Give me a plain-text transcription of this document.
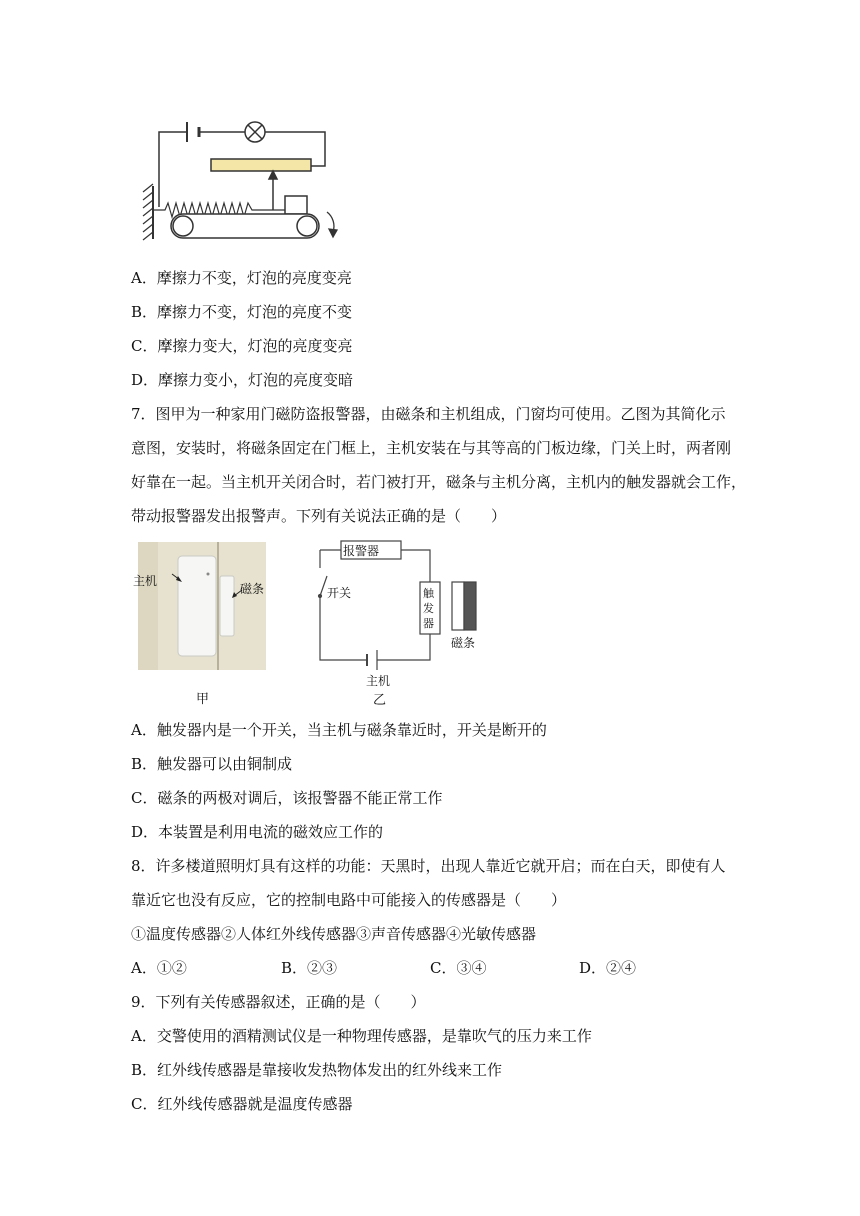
A．摩擦力不变，灯泡的亮度变亮
B．摩擦力不变，灯泡的亮度不变
C．摩擦力变大，灯泡的亮度变亮
D．摩擦力变小，灯泡的亮度变暗
7．图甲为一种家用门磁防盗报警器，由磁条和主机组成，门窗均可使用。乙图为其简化示
意图，安装时，将磁条固定在门框上，主机安装在与其等高的门板边缘，门关上时，两者刚
好靠在一起。当主机开关闭合时，若门被打开，磁条与主机分离，主机内的触发器就会工作，
带动报警器发出报警声。下列有关说法正确的是（　　）
主机
磁条
甲
报警器
开关	触
发
器
磁条
主机
乙
A．触发器内是一个开关，当主机与磁条靠近时，开关是断开的
B．触发器可以由铜制成
C．磁条的两极对调后，该报警器不能正常工作
D．本装置是利用电流的磁效应工作的
8．许多楼道照明灯具有这样的功能：天黑时，出现人靠近它就开启；而在白天，即使有人
靠近它也没有反应，它的控制电路中可能接入的传感器是（　　）
①温度传感器②人体红外线传感器③声音传感器④光敏传感器
A．①②	B．②③	C．③④	D．②④
9．下列有关传感器叙述，正确的是（　　）
A．交警使用的酒精测试仪是一种物理传感器，是靠吹气的压力来工作
B．红外线传感器是靠接收发热物体发出的红外线来工作
C．红外线传感器就是温度传感器
